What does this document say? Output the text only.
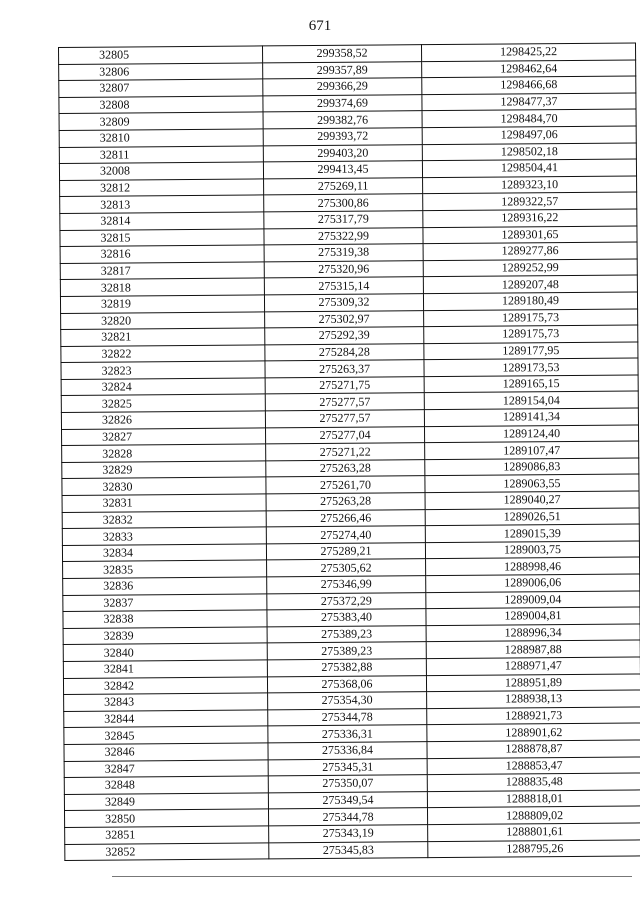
671
32805	299358,52	1298425,22
32806	299357,89	1298462,64
32807	299366,29	1298466,68
32808	299374,69	1298477,37
32809	299382,76	1298484,70
32810	299393,72	1298497,06
32811	299403,20	1298502,18
32008	299413,45	1298504,41
32812	275269,11	1289323,10
32813	275300,86	1289322,57
32814	275317,79	1289316,22
32815	275322,99	1289301,65
32816	275319,38	1289277,86
32817	275320,96	1289252,99
32818	275315,14	1289207,48
32819	275309,32	1289180,49
32820	275302,97	1289175,73
32821	275292,39	1289175,73
32822	275284,28	1289177,95
32823	275263,37	1289173,53
32824	275271,75	1289165,15
32825	275277,57	1289154,04
32826	275277,57	1289141,34
32827	275277,04	1289124,40
32828	275271,22	1289107,47
32829	275263,28	1289086,83
32830	275261,70	1289063,55
32831	275263,28	1289040,27
32832	275266,46	1289026,51
32833	275274,40	1289015,39
32834	275289,21	1289003,75
32835	275305,62	1288998,46
32836	275346,99	1289006,06
32837	275372,29	1289009,04
32838	275383,40	1289004,81
32839	275389,23	1288996,34
32840	275389,23	1288987,88
32841	275382,88	1288971,47
32842	275368,06	1288951,89
32843	275354,30	1288938,13
32844	275344,78	1288921,73
32845	275336,31	1288901,62
32846	275336,84	1288878,87
32847	275345,31	1288853,47
32848	275350,07	1288835,48
32849	275349,54	1288818,01
32850	275344,78	1288809,02
32851	275343,19	1288801,61
32852	275345,83	1288795,26
